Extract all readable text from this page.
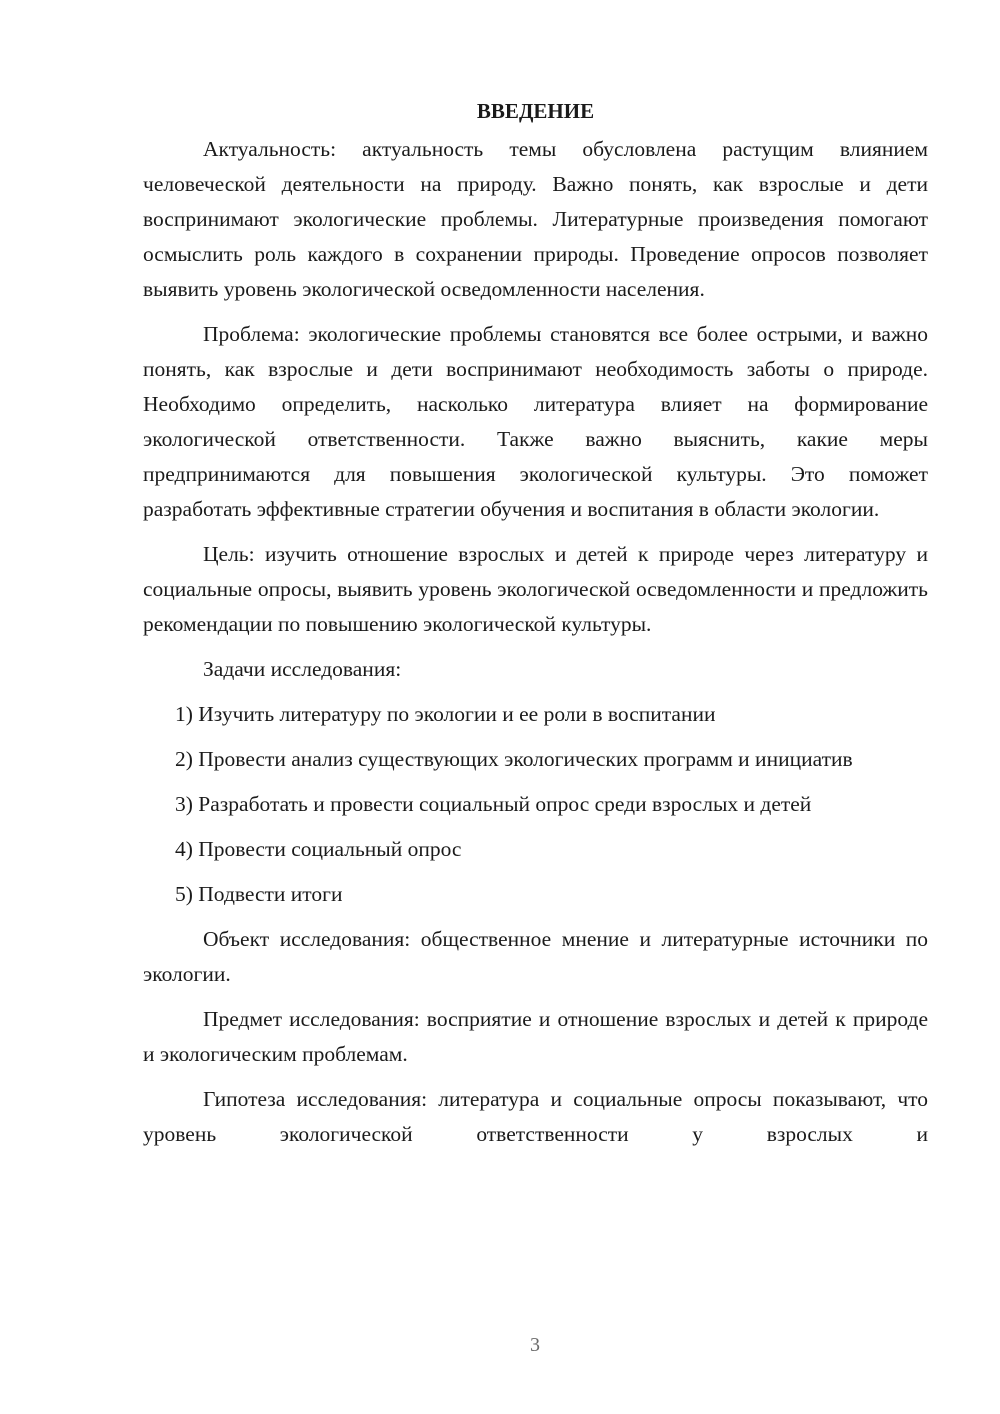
ВВЕДЕНИЕ

Актуальность: актуальность темы обусловлена растущим влиянием человеческой деятельности на природу. Важно понять, как взрослые и дети воспринимают экологические проблемы. Литературные произведения помогают осмыслить роль каждого в сохранении природы. Проведение опросов позволяет выявить уровень экологической осведомленности населения.

Проблема: экологические проблемы становятся все более острыми, и важно понять, как взрослые и дети воспринимают необходимость заботы о природе. Необходимо определить, насколько литература влияет на формирование экологической ответственности. Также важно выяснить, какие меры предпринимаются для повышения экологической культуры. Это поможет разработать эффективные стратегии обучения и воспитания в области экологии.

Цель: изучить отношение взрослых и детей к природе через литературу и социальные опросы, выявить уровень экологической осведомленности и предложить рекомендации по повышению экологической культуры.

Задачи исследования:

1) Изучить литературу по экологии и ее роли в воспитании

2) Провести анализ существующих экологических программ и инициатив

3) Разработать и провести социальный опрос среди взрослых и детей

4) Провести социальный опрос

5) Подвести итоги

Объект исследования: общественное мнение и литературные источники по экологии.

Предмет исследования: восприятие и отношение взрослых и детей к природе и экологическим проблемам.

Гипотеза исследования: литература и социальные опросы показывают, что уровень экологической ответственности у взрослых и

3
